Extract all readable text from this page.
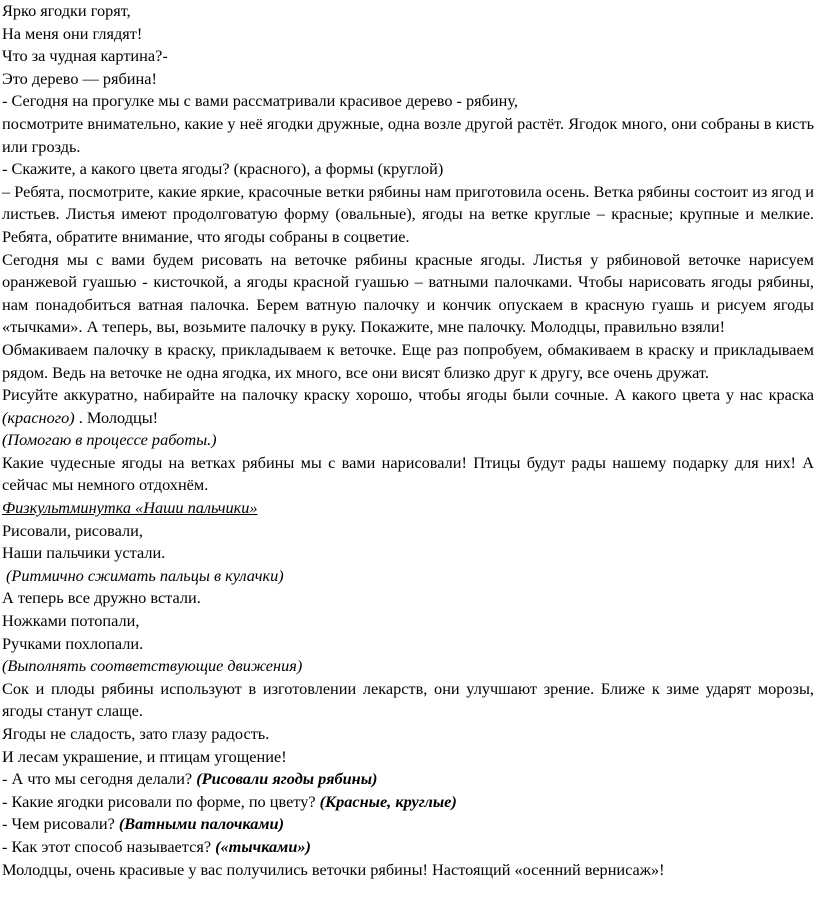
Ярко ягодки горят,

На меня они глядят!

Что за чудная картина?-

Это дерево — рябина!

- Сегодня на прогулке мы с вами рассматривали красивое дерево - рябину,

посмотрите внимательно, какие у неё ягодки дружные, одна возле другой растёт. Ягодок много, они собраны в кисть или гроздь.

- Скажите, а какого цвета ягоды? (красного), а формы (круглой)

– Ребята, посмотрите, какие яркие, красочные ветки рябины нам приготовила осень. Ветка рябины состоит из ягод и листьев. Листья имеют продолговатую форму (овальные), ягоды на ветке круглые – красные; крупные и мелкие. Ребята, обратите внимание, что ягоды собраны в соцветие.

Сегодня мы с вами будем рисовать на веточке рябины красные ягоды. Листья у рябиновой веточке нарисуем оранжевой гуашью - кисточкой, а ягоды красной гуашью – ватными палочками. Чтобы нарисовать ягоды рябины, нам понадобиться ватная палочка. Берем ватную палочку и кончик опускаем в красную гуашь и рисуем ягоды «тычками». А теперь, вы, возьмите палочку в руку. Покажите, мне палочку. Молодцы, правильно взяли!

Обмакиваем палочку в краску, прикладываем к веточке. Еще раз попробуем, обмакиваем в краску и прикладываем рядом. Ведь на веточке не одна ягодка, их много, все они висят близко друг к другу, все очень дружат.

Рисуйте аккуратно, набирайте на палочку краску хорошо, чтобы ягоды были сочные. А какого цвета у нас краска (красного) . Молодцы!

(Помогаю в процессе работы.)

Какие чудесные ягоды на ветках рябины мы с вами нарисовали! Птицы будут рады нашему подарку для них! А сейчас мы немного отдохнём.

Физкультминутка «Наши пальчики»

Рисовали, рисовали,

Наши пальчики устали.

(Ритмично сжимать пальцы в кулачки)

А теперь все дружно встали.

Ножками потопали,

Ручками похлопали.

(Выполнять соответствующие движения)

Сок и плоды рябины используют в изготовлении лекарств, они улучшают зрение. Ближе к зиме ударят морозы, ягоды станут слаще.

Ягоды не сладость, зато глазу радость.

И лесам украшение, и птицам угощение!

- А что мы сегодня делали? (Рисовали ягоды рябины)

- Какие ягодки рисовали по форме, по цвету? (Красные, круглые)

- Чем рисовали? (Ватными палочками)

- Как этот способ называется? («тычками»)

Молодцы, очень красивые у вас получились веточки рябины! Настоящий «осенний вернисаж»!
